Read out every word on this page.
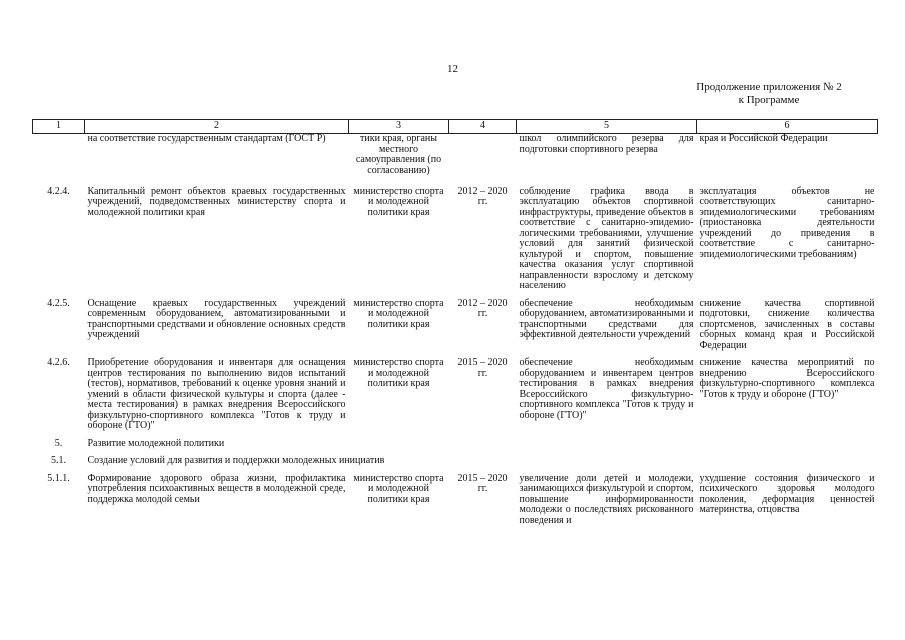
12
Продолжение приложения № 2
к Программе
1	2	3	4	5	6
	на соответствие государственным стандартам (ГОСТ Р)	тики края, органы местного самоуправления (по согласованию)		школ олимпийского резерва для подготовки спортивного резерва	края и Российской Федерации
4.2.4.	Капитальный ремонт объектов краевых государственных учреждений, подведомственных министерству спорта и молодежной политики края	министерство спорта и молодежной политики края	2012 – 2020 гг.	соблюдение графика ввода в эксплуатацию объектов спортивной инфраструктуры, приведение объектов в соответствие с санитарно-эпидемио-логическими требованиями, улучшение условий для занятий физической культурой и спортом, повышение качества оказания услуг спортивной направленности взрослому и детскому населению	эксплуатация объектов не соответствующих санитарно-эпидемиологическими требованиям (приостановка деятельности учреждений до приведения в соответствие с санитарно-эпидемиологическими требованиям)
4.2.5.	Оснащение краевых государственных учреждений современным оборудованием, автоматизированными и транспортными средствами и обновление основных средств учреждений	министерство спорта и молодежной политики края	2012 – 2020 гг.	обеспечение необходимым оборудованием, автоматизированными и транспортными средствами для эффективной деятельности учреждений	снижение качества спортивной подготовки, снижение количества спортсменов, зачисленных в составы сборных команд края и Российской Федерации
4.2.6.	Приобретение оборудования и инвентаря для оснащения центров тестирования по выполнению видов испытаний (тестов), нормативов, требований к оценке уровня знаний и умений в области физической культуры и спорта (далее - места тестирования) в рамках внедрения Всероссийского физкультурно-спортивного комплекса "Готов к труду и обороне (ГТО)"	министерство спорта и молодежной политики края	2015 – 2020 гг.	обеспечение необходимым оборудованием и инвентарем центров тестирования в рамках внедрения Всероссийского физкультурно-спортивного комплекса "Готов к труду и обороне (ГТО)"	снижение качества мероприятий по внедрению Всероссийского физкультурно-спортивного комплекса "Готов к труду и обороне (ГТО)"
5.	Развитие молодежной политики				
5.1.	Создание условий для развития и поддержки молодежных инициатив				
5.1.1.	Формирование здорового образа жизни, профилактика употребления психоактивных веществ в молодежной среде, поддержка молодой семьи	министерство спорта и молодежной политики края	2015 – 2020 гг.	увеличение доли детей и молодежи, занимающихся физкультурой и спортом, повышение информированности молодежи о последствиях рискованного поведения и	ухудшение состояния физического и психического здоровья молодого поколения, деформация ценностей материнства, отцовства
